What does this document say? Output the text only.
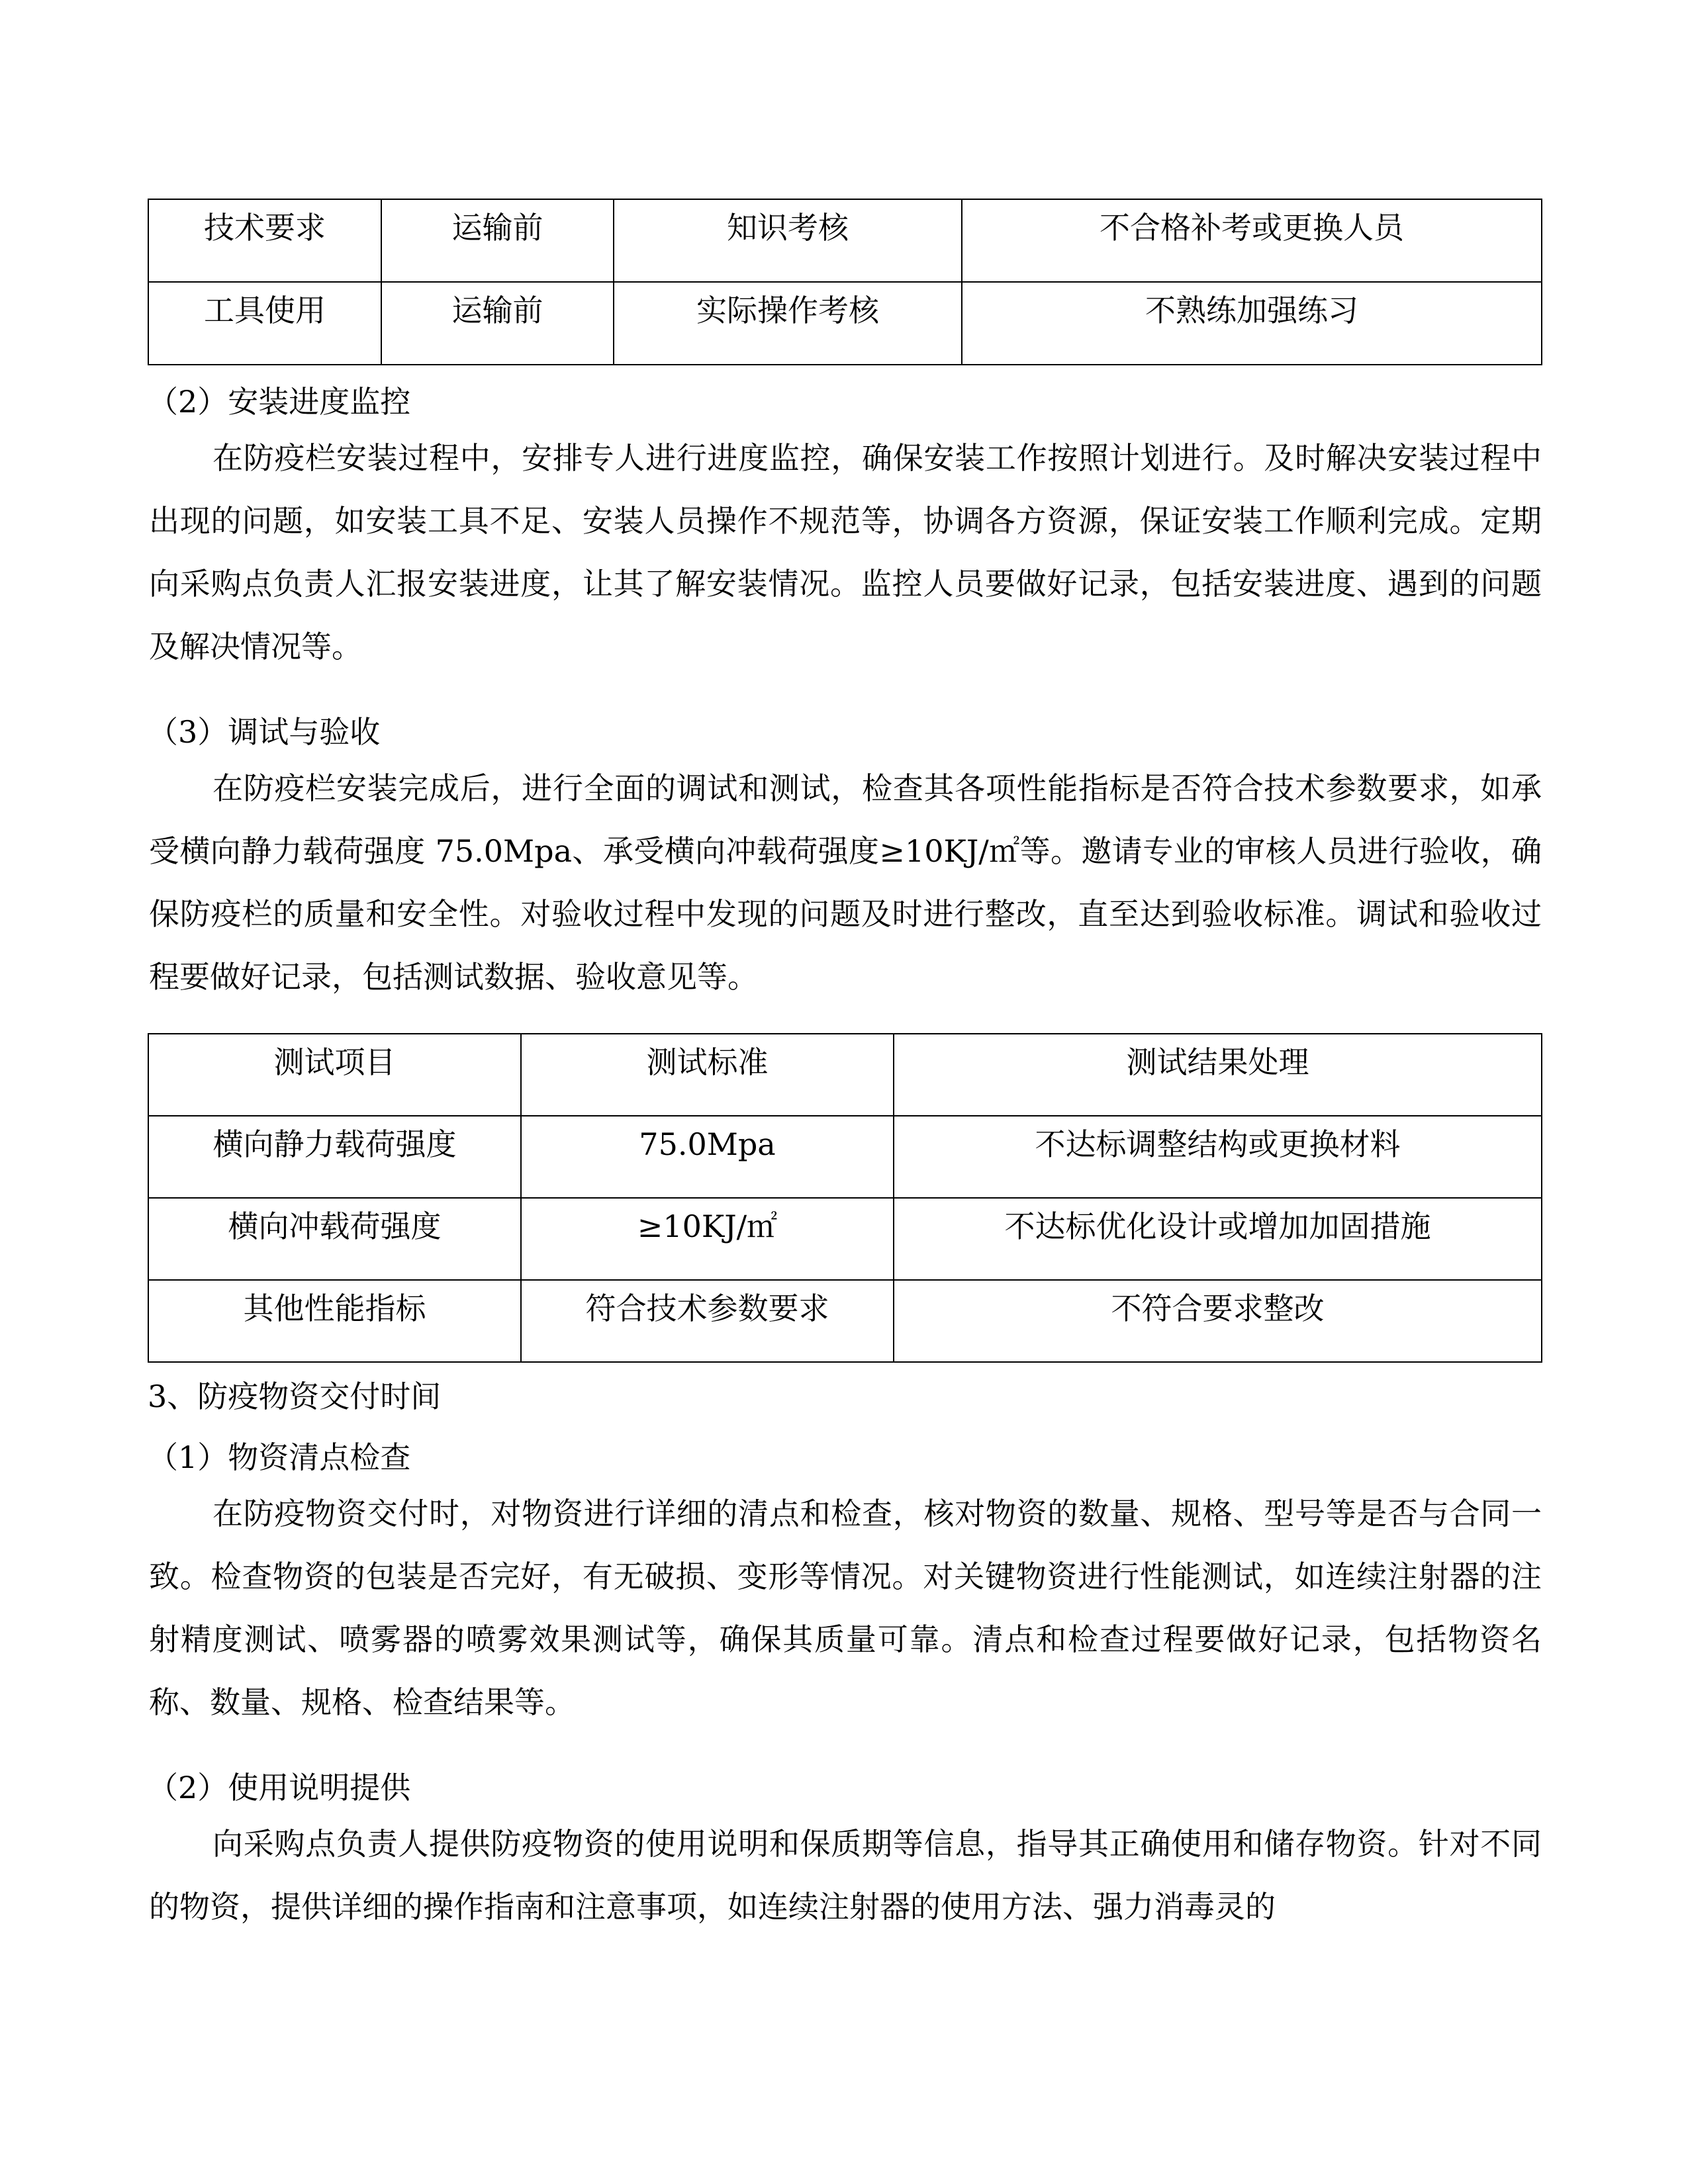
技术要求	运输前	知识考核	不合格补考或更换人员
工具使用	运输前	实际操作考核	不熟练加强练习
（2）安装进度监控
在防疫栏安装过程中，安排专人进行进度监控，确保安装工作按照计划进行。及时解决安装过程中出现的问题，如安装工具不足、安装人员操作不规范等，协调各方资源，保证安装工作顺利完成。定期向采购点负责人汇报安装进度，让其了解安装情况。监控人员要做好记录，包括安装进度、遇到的问题及解决情况等。
（3）调试与验收
在防疫栏安装完成后，进行全面的调试和测试，检查其各项性能指标是否符合技术参数要求，如承受横向静力载荷强度 75.0Mpa、承受横向冲载荷强度≥10KJ/㎡等。邀请专业的审核人员进行验收，确保防疫栏的质量和安全性。对验收过程中发现的问题及时进行整改，直至达到验收标准。调试和验收过程要做好记录，包括测试数据、验收意见等。
测试项目	测试标准	测试结果处理
横向静力载荷强度	75.0Mpa	不达标调整结构或更换材料
横向冲载荷强度	≥10KJ/㎡	不达标优化设计或增加加固措施
其他性能指标	符合技术参数要求	不符合要求整改
3、防疫物资交付时间
（1）物资清点检查
在防疫物资交付时，对物资进行详细的清点和检查，核对物资的数量、规格、型号等是否与合同一致。检查物资的包装是否完好，有无破损、变形等情况。对关键物资进行性能测试，如连续注射器的注射精度测试、喷雾器的喷雾效果测试等，确保其质量可靠。清点和检查过程要做好记录，包括物资名称、数量、规格、检查结果等。
（2）使用说明提供
向采购点负责人提供防疫物资的使用说明和保质期等信息，指导其正确使用和储存物资。针对不同的物资，提供详细的操作指南和注意事项，如连续注射器的使用方法、强力消毒灵的
